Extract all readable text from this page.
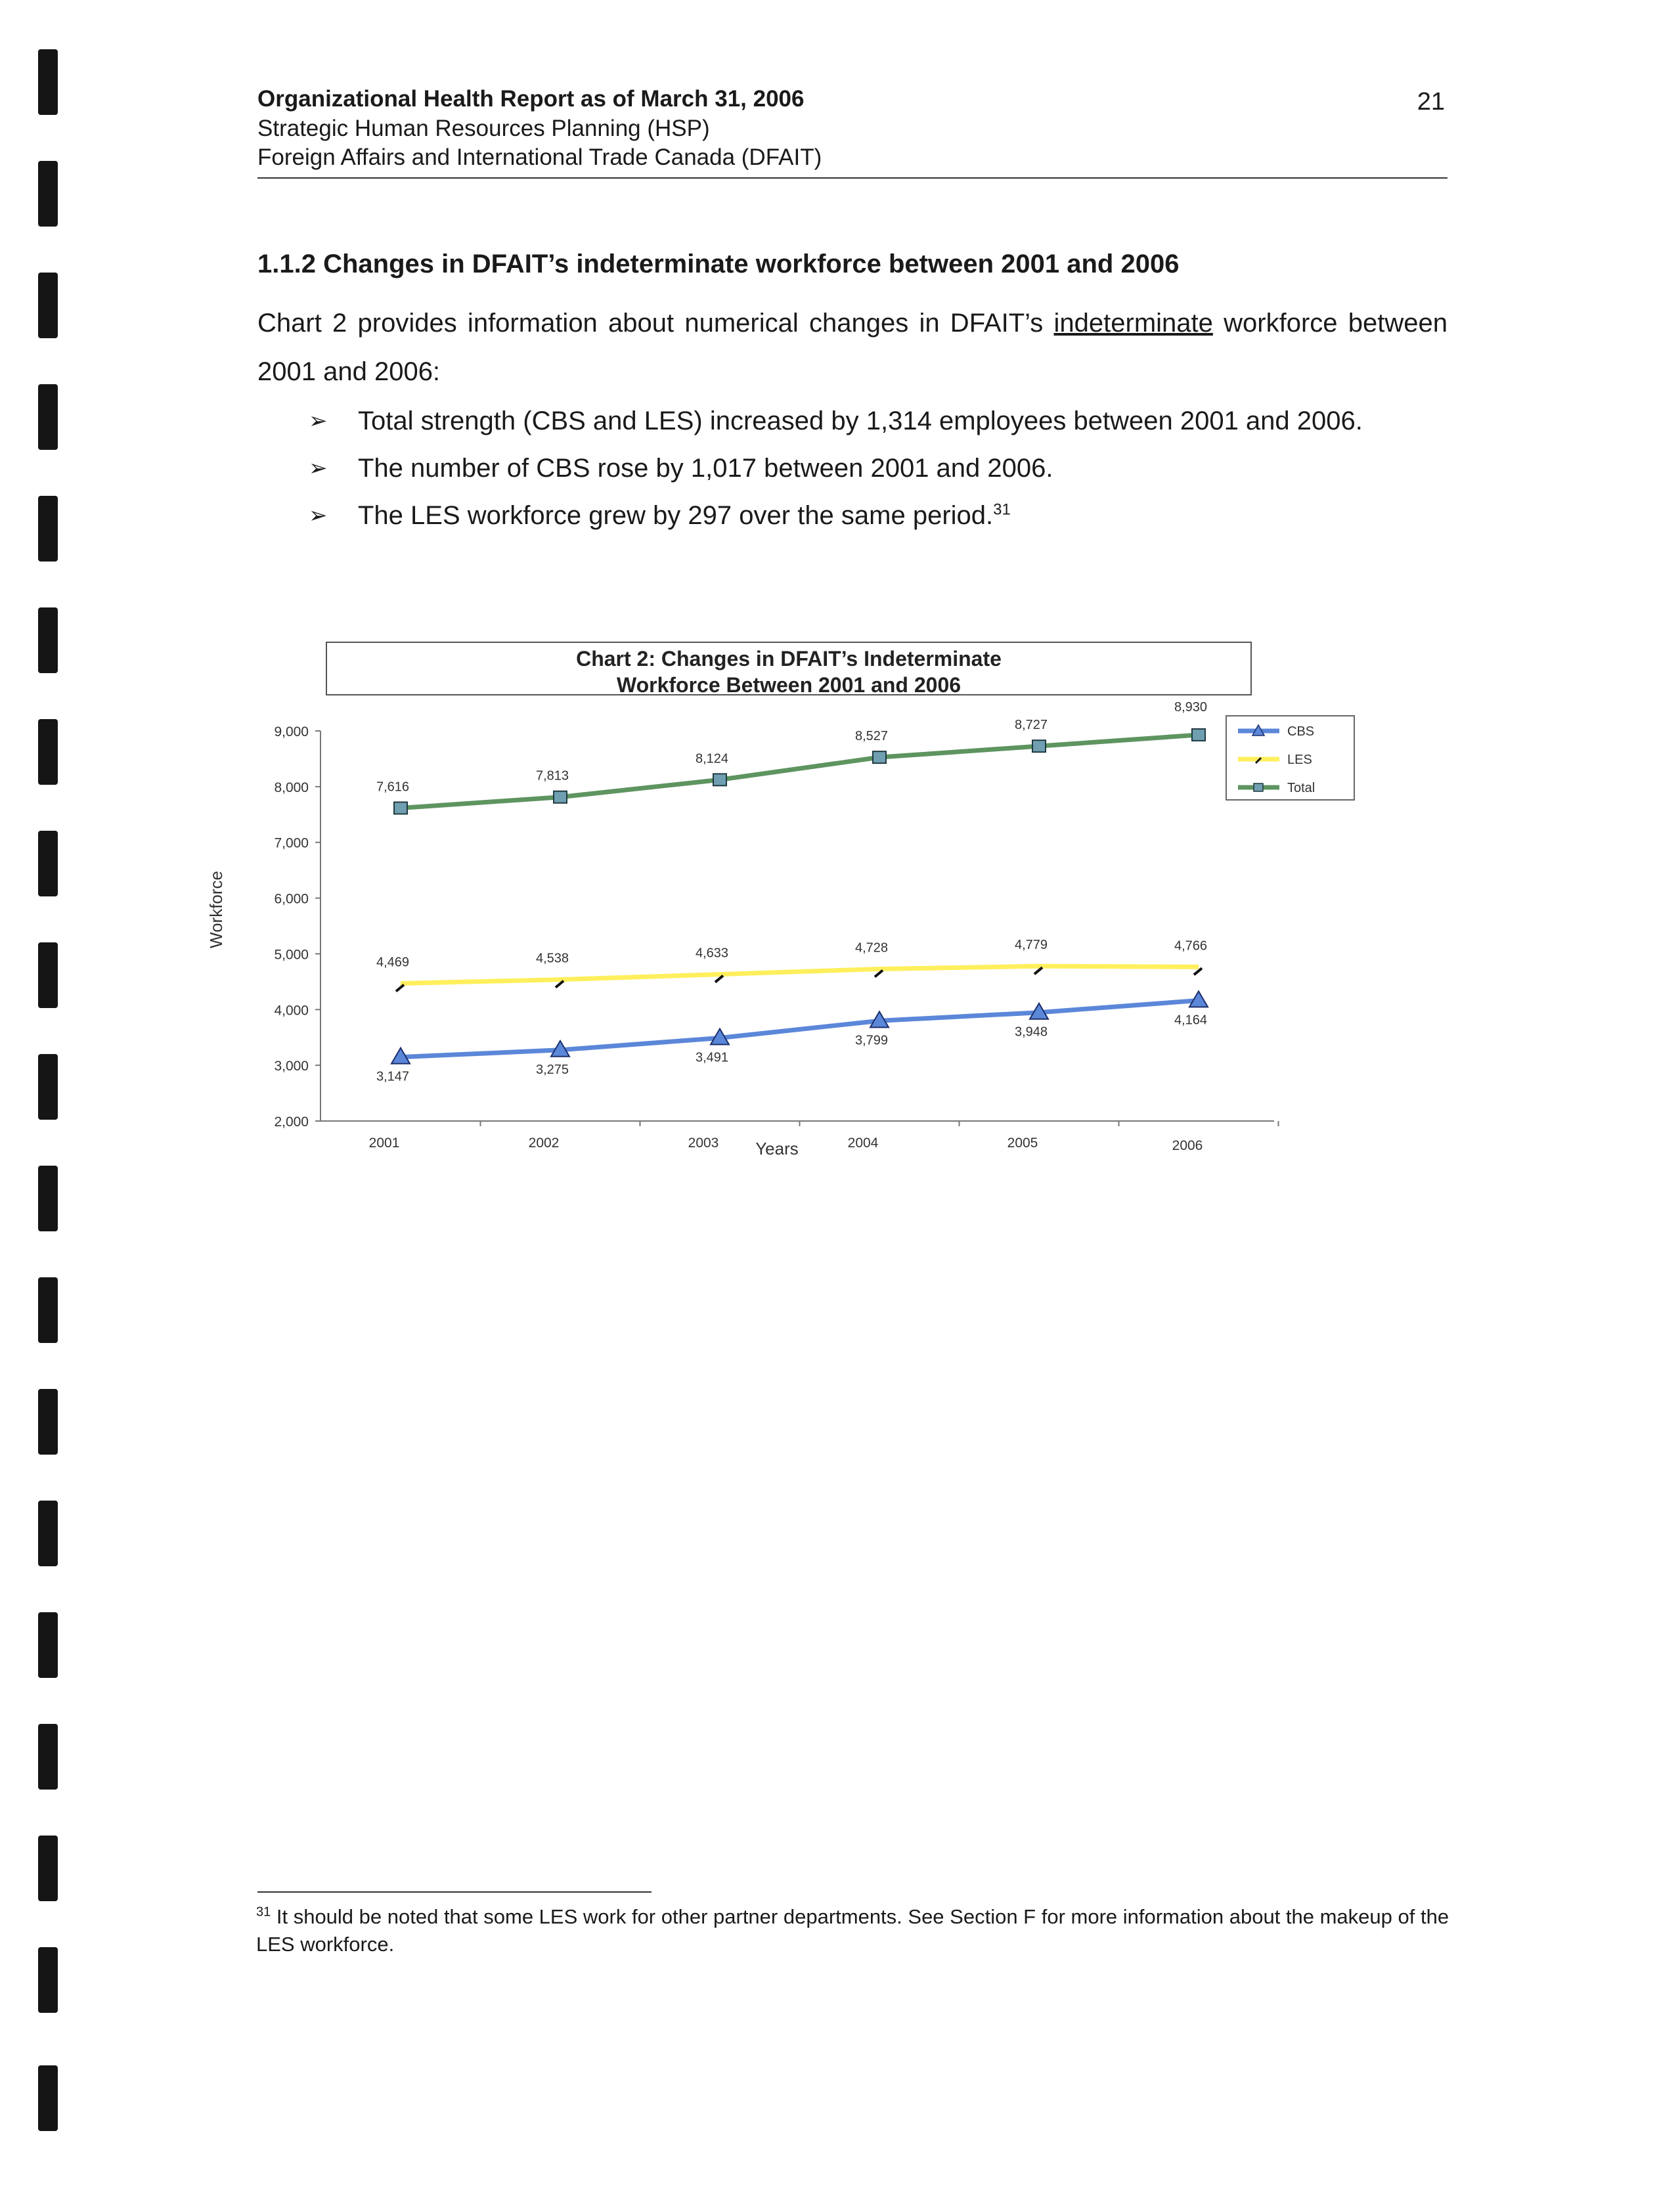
Organizational Health Report as of March 31, 2006
Strategic Human Resources Planning (HSP)
Foreign Affairs and International Trade Canada (DFAIT)
21
1.1.2 Changes in DFAIT’s indeterminate workforce between 2001 and 2006
Chart 2 provides information about numerical changes in DFAIT’s indeterminate workforce between 2001 and 2006:
➢ Total strength (CBS and LES) increased by 1,314 employees between 2001 and 2006.
➢ The number of CBS rose by 1,017 between 2001 and 2006.
➢ The LES workforce grew by 297 over the same period.$^{31}$
Chart 2: Changes in DFAIT’s Indeterminate
Workforce Between 2001 and 2006
Workforce
Years
2,000
3,000
4,000
5,000
6,000
7,000
8,000
9,000
2001	2002	2003	2004	2005	2006
3,147	3,275
3,491
3,799
3,948
4,164
4,469	4,538	4,633	4,728	4,779	4,766
7,616
7,813
8,124
8,527
8,727
8,930
CBS
LES
Total
$^{31}$ It should be noted that some LES work for other partner departments. See Section F for more information about the makeup of the LES workforce.
